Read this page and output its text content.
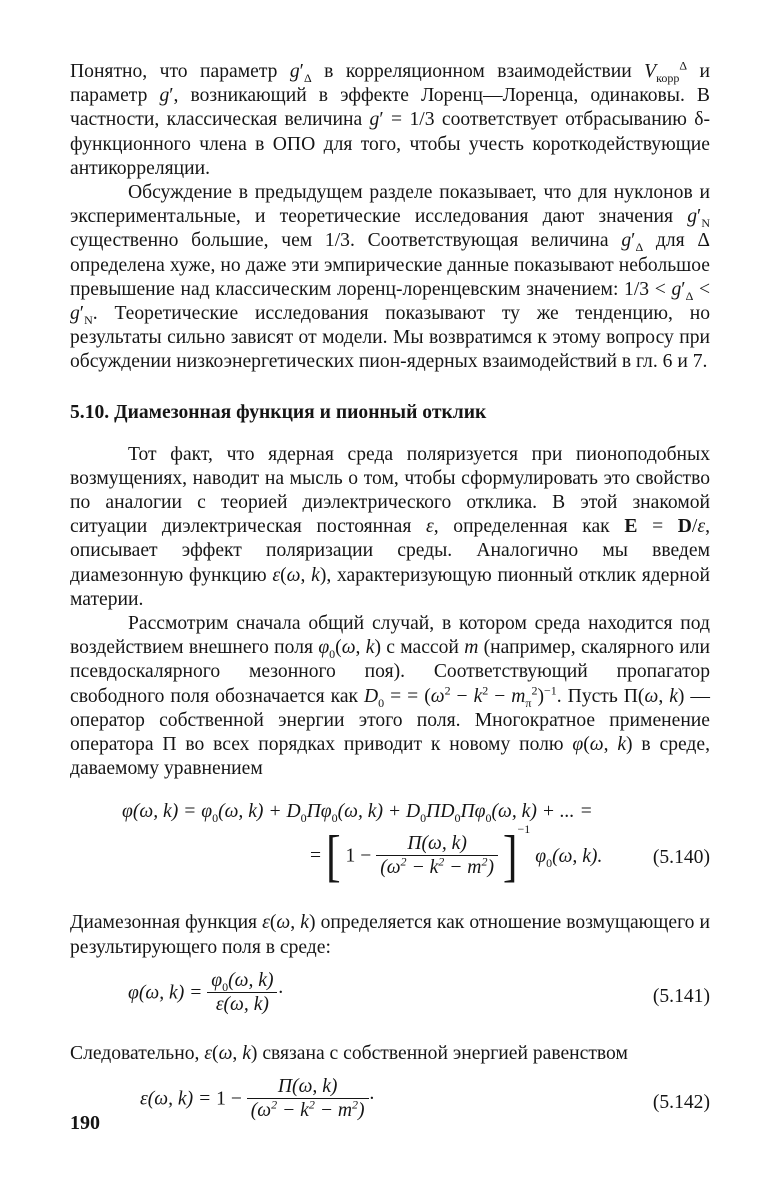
Понятно, что параметр $g'_\Delta$ в корреляционном взаимодействии $V_{корр}^\Delta$ и параметр g′, возникающий в эффекте Лоренц—Лоренца, одинаковы. В частности, классическая величина g′ = 1/3 соответствует отбрасыванию δ-функционного члена в ОПО для того, чтобы учесть короткодействующие антикорреляции.

Обсуждение в предыдущем разделе показывает, что для нуклонов и экспериментальные, и теоретические исследования дают значения $g'_N$ существенно большие, чем 1/3. Соответствующая величина $g'_\Delta$ для Δ определена хуже, но даже эти эмпирические данные показывают небольшое превышение над классическим лоренц-лоренцевским значением: $1/3 < g'_\Delta < g'_N$. Теоретические исследования показывают ту же тенденцию, но результаты сильно зависят от модели. Мы возвратимся к этому вопросу при обсуждении низкоэнергетических пион-ядерных взаимодействий в гл. 6 и 7.

5.10. Диамезонная функция и пионный отклик

Тот факт, что ядерная среда поляризуется при пионоподобных возмущениях, наводит на мысль о том, чтобы сформулировать это свойство по аналогии с теорией диэлектрического отклика. В этой знакомой ситуации диэлектрическая постоянная ε, определенная как E = D/ε, описывает эффект поляризации среды. Аналогично мы введем диамезонную функцию ε(ω, k), характеризующую пионный отклик ядерной материи.

Рассмотрим сначала общий случай, в котором среда находится под воздействием внешнего поля $\varphi_0(\omega$, k) с массой m (например, скалярного или псевдоскалярного мезонного поя). Соответствующий пропагатор свободного поля обозначается как $D_0$ = = $(\omega^2 - k^2 - m_\pi^2)^{-1}$. Пусть Π(ω, k) — оператор собственной энергии этого поля. Многократное применение оператора Π во всех порядках приводит к новому полю φ(ω, k) в среде, даваемому уравнением

φ(ω, $k) = \varphi_0(\omega$, $k) + D_0\Pi\varphi_0(\omega$, $k) + D_0\Pi D_0\Pi\varphi_0(\omega$, k) + ... =
= [ $1 - \frac{\Pi(\omega, k)}{(\omega^2 - k^2 - m^2)} ]^{-1}$ $\varphi_0(\omega$, k).	(5.140)

Диамезонная функция ε(ω, k) определяется как отношение возмущающего и результирующего поля в среде:

φ(ω, $k) = \frac{\varphi_0(\omega, k)}{\varepsilon(\omega, k)}$ ·	(5.141)

Следовательно, ε(ω, k) связана с собственной энергией равенством

ε(ω, $k) = 1 - \frac{\Pi(\omega, k)}{(\omega^2 - k^2 - m^2)}$ ·	(5.142)
190
